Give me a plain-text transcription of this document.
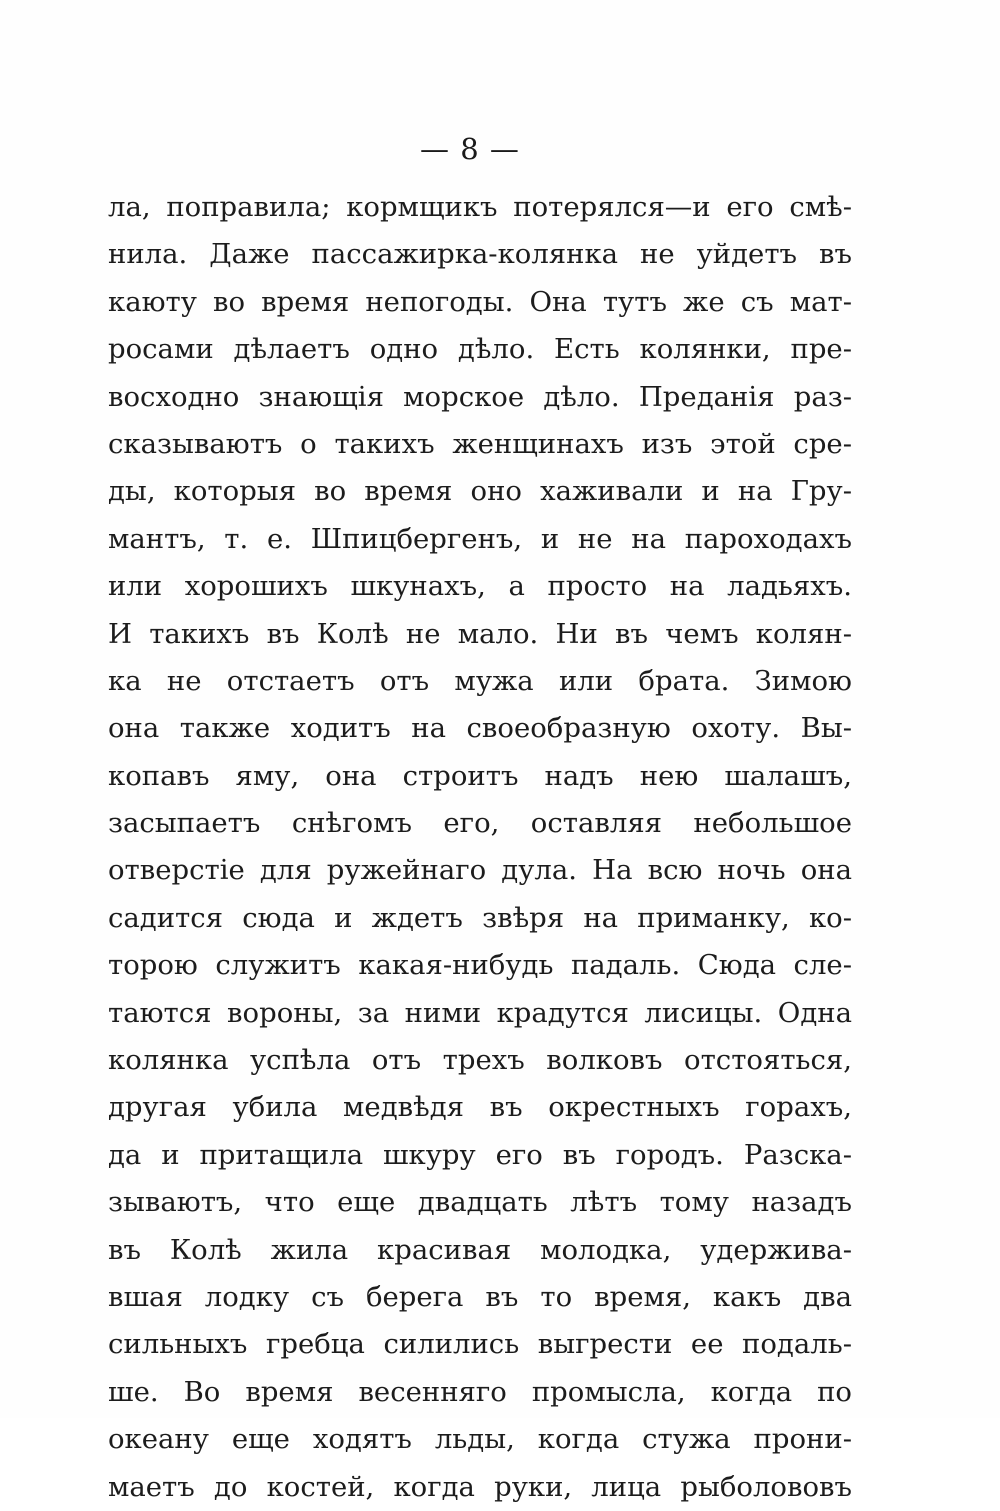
— 8 —
ла, поправила; кормщикъ потерялся—и его смѣ-
нила. Даже пассажирка-колянка не уйдетъ въ
каюту во время непогоды. Она тутъ же съ мат-
росами дѣлаетъ одно дѣло. Есть колянки, пре-
восходно знающія морское дѣло. Преданія раз-
сказываютъ о такихъ женщинахъ изъ этой сре-
ды, которыя во время оно хаживали и на Гру-
мантъ, т. е. Шпицбергенъ, и не на пароходахъ
или хорошихъ шкунахъ, а просто на ладьяхъ.
И такихъ въ Колѣ не мало. Ни въ чемъ колян-
ка не отстаетъ отъ мужа или брата. Зимою
она также ходитъ на своеобразную охоту. Вы-
копавъ яму, она строитъ надъ нею шалашъ,
засыпаетъ снѣгомъ его, оставляя небольшое
отверстіе для ружейнаго дула. На всю ночь она
садится сюда и ждетъ звѣря на приманку, ко-
торою служитъ какая-нибудь падаль. Сюда сле-
таются вороны, за ними крадутся лисицы. Одна
колянка успѣла отъ трехъ волковъ отстояться,
другая убила медвѣдя въ окрестныхъ горахъ,
да и притащила шкуру его въ городъ. Разска-
зываютъ, что еще двадцать лѣтъ тому назадъ
въ Колѣ жила красивая молодка, удержива-
вшая лодку съ берега въ то время, какъ два
сильныхъ гребца силились выгрести ее подаль-
ше. Во время весенняго промысла, когда по
океану еще ходятъ льды, когда стужа прони-
маетъ до костей, когда руки, лица рыболововъ
